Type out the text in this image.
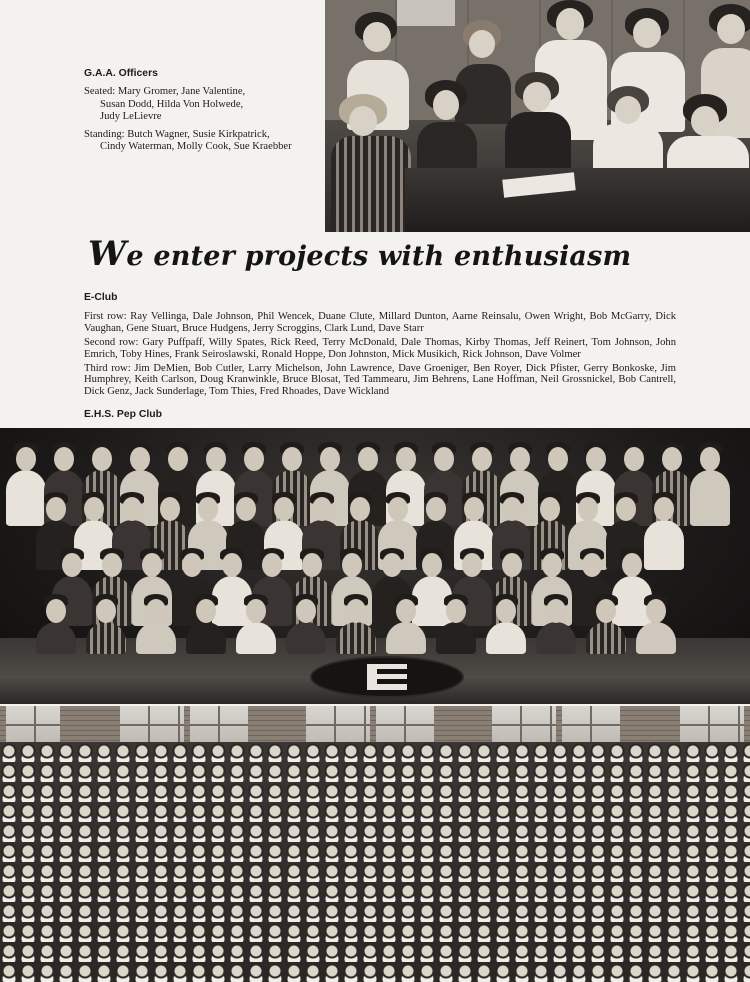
G.A.A. Officers

Seated: Mary Gromer, Jane Valentine,

Susan Dodd, Hilda Von Holwede,

Judy LeLievre

Standing: Butch Wagner, Susie Kirkpatrick,

Cindy Waterman, Molly Cook, Sue Kraebber

We enter projects with enthusiasm
E-Club

First row: Ray Vellinga, Dale Johnson, Phil Wencek, Duane Clute, Millard Dunton, Aarne Reinsalu, Owen Wright, Bob McGarry, Dick Vaughan, Gene Stuart, Bruce Hudgens, Jerry Scroggins, Clark Lund, Dave Starr

Second row: Gary Puffpaff, Willy Spates, Rick Reed, Terry McDonald, Dale Thomas, Kirby Thomas, Jeff Reinert, Tom Johnson, John Emrich, Toby Hines, Frank Seiroslawski, Ronald Hoppe, Don Johnston, Mick Musikich, Rick Johnson, Dave Volmer

Third row: Jim DeMien, Bob Cutler, Larry Michelson, John Lawrence, Dave Groeniger, Ben Royer, Dick Pfister, Gerry Bonkoske, Jim Humphrey, Keith Carlson, Doug Kranwinkle, Bruce Blosat, Ted Tammearu, Jim Behrens, Lane Hoffman, Neil Grossnickel, Bob Cantrell, Dick Genz, Jack Sunderlage, Tom Thies, Fred Rhoades, Dave Wickland

E.H.S. Pep Club
